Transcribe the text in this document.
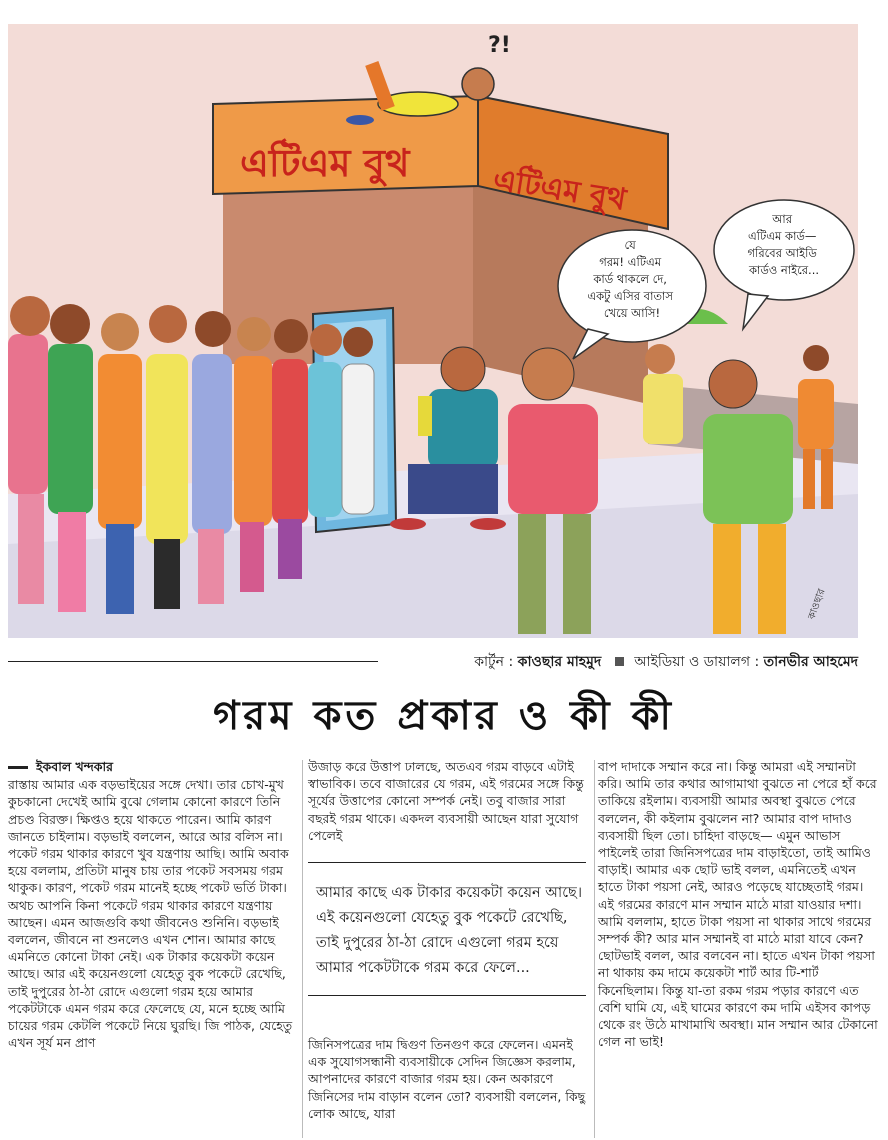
এটিএম বুথ	এটিএম বুথ
?!
যে গরম! এটিএম কার্ড থাকলে দে, একটু এসির বাতাস খেয়ে আসি!
আর এটিএম কার্ড— গরিবের আইডি কার্ডও নাইরে...
কাওছার
কার্টুন : কাওছার মাহমুদ আইডিয়া ও ডায়ালগ : তানভীর আহমেদ
গরম কত প্রকার ও কী কী

ইকবাল খন্দকার

রাস্তায় আমার এক বড়ভাইয়ের সঙ্গে দেখা। তার চোখ-মুখ কুচকানো দেখেই আমি বুঝে গেলাম কোনো কারণে তিনি প্রচণ্ড বিরক্ত। ক্ষিপ্তও হয়ে থাকতে পারেন। আমি কারণ জানতে চাইলাম। বড়ভাই বললেন, আরে আর বলিস না। পকেট গরম থাকার কারণে খুব যন্ত্রণায় আছি। আমি অবাক হয়ে বললাম, প্রতিটা মানুষ চায় তার পকেট সবসময় গরম থাকুক। কারণ, পকেট গরম মানেই হচ্ছে পকেট ভর্তি টাকা। অথচ আপনি কিনা পকেটে গরম থাকার কারণে যন্ত্রণায় আছেন। এমন আজগুবি কথা জীবনেও শুনিনি। বড়ভাই বললেন, জীবনে না শুনলেও এখন শোন। আমার কাছে এমনিতে কোনো টাকা নেই। এক টাকার কয়েকটা কয়েন আছে। আর এই কয়েনগুলো যেহেতু বুক পকেটে রেখেছি, তাই দুপুরের ঠা-ঠা রোদে এগুলো গরম হয়ে আমার পকেটটাকে এমন গরম করে ফেলেছে যে, মনে হচ্ছে আমি চায়ের গরম কেটলি পকেটে নিয়ে ঘুরছি। জি পাঠক, যেহেতু এখন সূর্য মন প্রাণ

উজাড় করে উত্তাপ ঢালছে, অতএব গরম বাড়বে এটাই স্বাভাবিক। তবে বাজারের যে গরম, এই গরমের সঙ্গে কিন্তু সূর্যের উত্তাপের কোনো সম্পর্ক নেই। তবু বাজার সারা বছরই গরম থাকে। একদল ব্যবসায়ী আছেন যারা সুযোগ পেলেই

আমার কাছে এক টাকার কয়েকটা কয়েন আছে। এই কয়েনগুলো যেহেতু বুক পকেটে রেখেছি, তাই দুপুরের ঠা-ঠা রোদে এগুলো গরম হয়ে আমার পকেটটাকে গরম করে ফেলে...

জিনিসপত্রের দাম দ্বিগুণ তিনগুণ করে ফেলেন। এমনই এক সুযোগসন্ধানী ব্যবসায়ীকে সেদিন জিজ্ঞেস করলাম, আপনাদের কারণে বাজার গরম হয়। কেন অকারণে জিনিসের দাম বাড়ান বলেন তো? ব্যবসায়ী বললেন, কিছু লোক আছে, যারা

বাপ দাদাকে সম্মান করে না। কিন্তু আমরা এই সম্মানটা করি। আমি তার কথার আগামাথা বুঝতে না পেরে হাঁ করে তাকিয়ে রইলাম। ব্যবসায়ী আমার অবস্থা বুঝতে পেরে বললেন, কী কইলাম বুঝলেন না? আমার বাপ দাদাও ব্যবসায়ী ছিল তো। চাহিদা বাড়ছে— এমুন আভাস পাইলেই তারা জিনিসপত্রের দাম বাড়াইতো, তাই আমিও বাড়াই। আমার এক ছোট ভাই বলল, এমনিতেই এখন হাতে টাকা পয়সা নেই, আরও পড়েছে যাচ্ছেতাই গরম। এই গরমের কারণে মান সম্মান মাঠে মারা যাওয়ার দশা। আমি বললাম, হাতে টাকা পয়সা না থাকার সাথে গরমের সম্পর্ক কী? আর মান সম্মানই বা মাঠে মারা যাবে কেন? ছোটভাই বলল, আর বলবেন না। হাতে এখন টাকা পয়সা না থাকায় কম দামে কয়েকটা শার্ট আর টি-শার্ট কিনেছিলাম। কিন্তু যা-তা রকম গরম পড়ার কারণে এত বেশি ঘামি যে, এই ঘামের কারণে কম দামি এইসব কাপড় থেকে রং উঠে মাখামাখি অবস্থা। মান সম্মান আর টেকানো গেল না ভাই!
